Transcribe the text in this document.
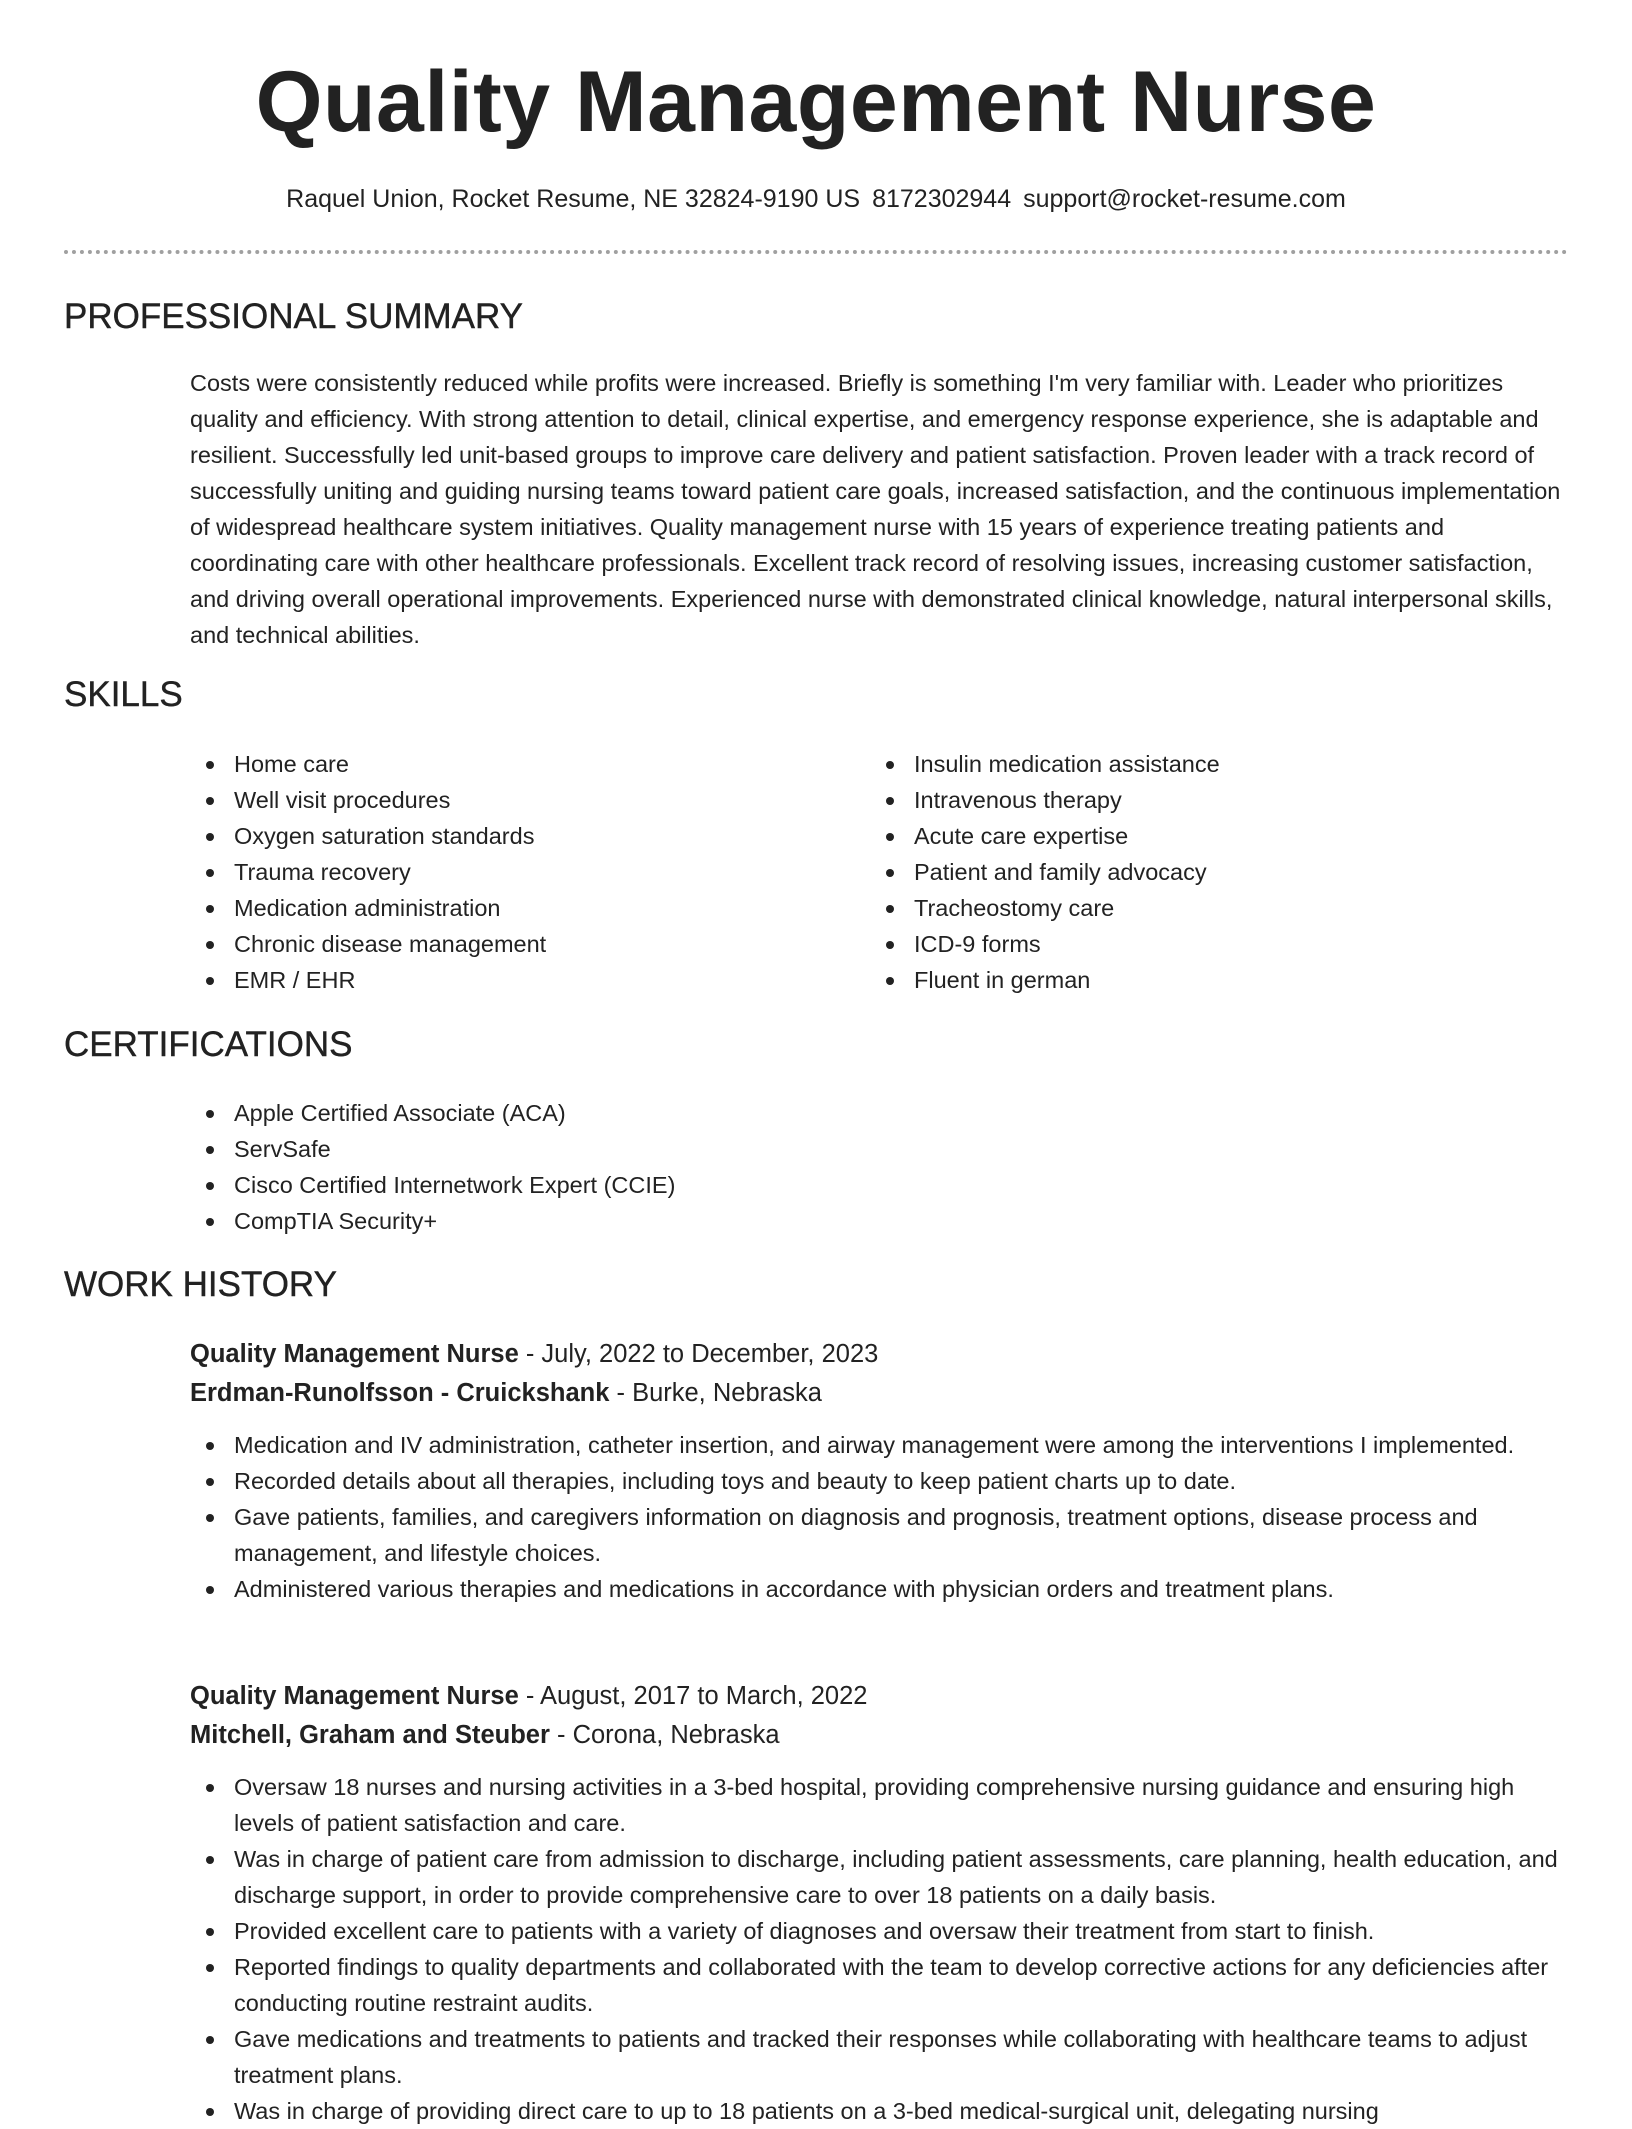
Quality Management Nurse
Raquel Union, Rocket Resume, NE 32824-9190 US 8172302944 support@rocket-resume.com
PROFESSIONAL SUMMARY
Costs were consistently reduced while profits were increased. Briefly is something I'm very familiar with. Leader who prioritizes quality and efficiency. With strong attention to detail, clinical expertise, and emergency response experience, she is adaptable and resilient. Successfully led unit-based groups to improve care delivery and patient satisfaction. Proven leader with a track record of successfully uniting and guiding nursing teams toward patient care goals, increased satisfaction, and the continuous implementation of widespread healthcare system initiatives. Quality management nurse with 15 years of experience treating patients and coordinating care with other healthcare professionals. Excellent track record of resolving issues, increasing customer satisfaction, and driving overall operational improvements. Experienced nurse with demonstrated clinical knowledge, natural interpersonal skills, and technical abilities.
SKILLS
Home care
Well visit procedures
Oxygen saturation standards
Trauma recovery
Medication administration
Chronic disease management
EMR / EHR
Insulin medication assistance
Intravenous therapy
Acute care expertise
Patient and family advocacy
Tracheostomy care
ICD-9 forms
Fluent in german
CERTIFICATIONS
Apple Certified Associate (ACA)
ServSafe
Cisco Certified Internetwork Expert (CCIE)
CompTIA Security+
WORK HISTORY
Quality Management Nurse - July, 2022 to December, 2023
Erdman-Runolfsson - Cruickshank - Burke, Nebraska
Medication and IV administration, catheter insertion, and airway management were among the interventions I implemented.
Recorded details about all therapies, including toys and beauty to keep patient charts up to date.
Gave patients, families, and caregivers information on diagnosis and prognosis, treatment options, disease process and management, and lifestyle choices.
Administered various therapies and medications in accordance with physician orders and treatment plans.
Quality Management Nurse - August, 2017 to March, 2022
Mitchell, Graham and Steuber - Corona, Nebraska
Oversaw 18 nurses and nursing activities in a 3-bed hospital, providing comprehensive nursing guidance and ensuring high levels of patient satisfaction and care.
Was in charge of patient care from admission to discharge, including patient assessments, care planning, health education, and discharge support, in order to provide comprehensive care to over 18 patients on a daily basis.
Provided excellent care to patients with a variety of diagnoses and oversaw their treatment from start to finish.
Reported findings to quality departments and collaborated with the team to develop corrective actions for any deficiencies after conducting routine restraint audits.
Gave medications and treatments to patients and tracked their responses while collaborating with healthcare teams to adjust treatment plans.
Was in charge of providing direct care to up to 18 patients on a 3-bed medical-surgical unit, delegating nursing
